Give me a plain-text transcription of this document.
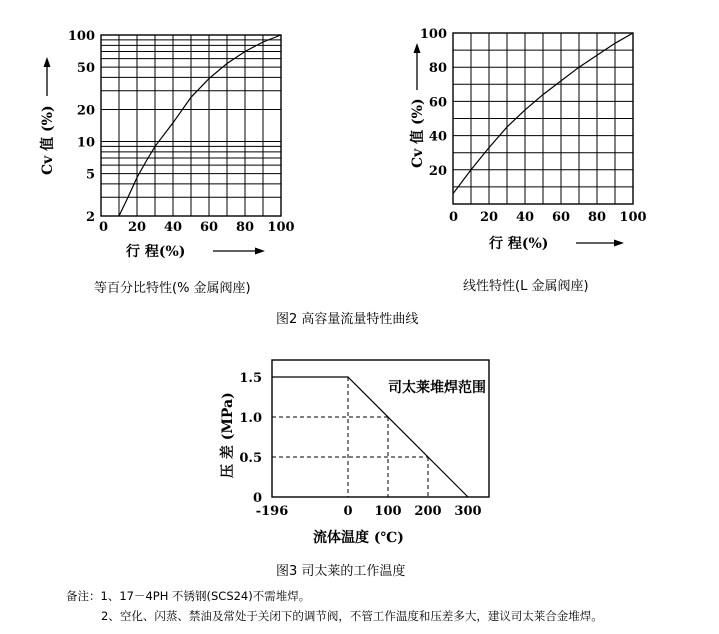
100
50
20
10
5
2
0 20 40 60 80 100
行 程(%)
Cv 值 (%)	20
40
60
80
100
0 20 40 60 80 100
行 程(%)
Cv 值 (%)
0
0.5
1.0
1.5
-196	0 100 200 300
司太莱堆焊范围
流体温度 (℃)
压 差 (MPa)
等百分比特性(% 金属阀座)	线性特性(L 金属阀座)
图2 高容量流量特性曲线
图3 司太莱的工作温度
备注：1、17－4PH 不锈钢(SCS24)不需堆焊。
2、空化、闪蒸、禁油及常处于关闭下的调节阀，不管工作温度和压差多大，建议司太莱合金堆焊。
